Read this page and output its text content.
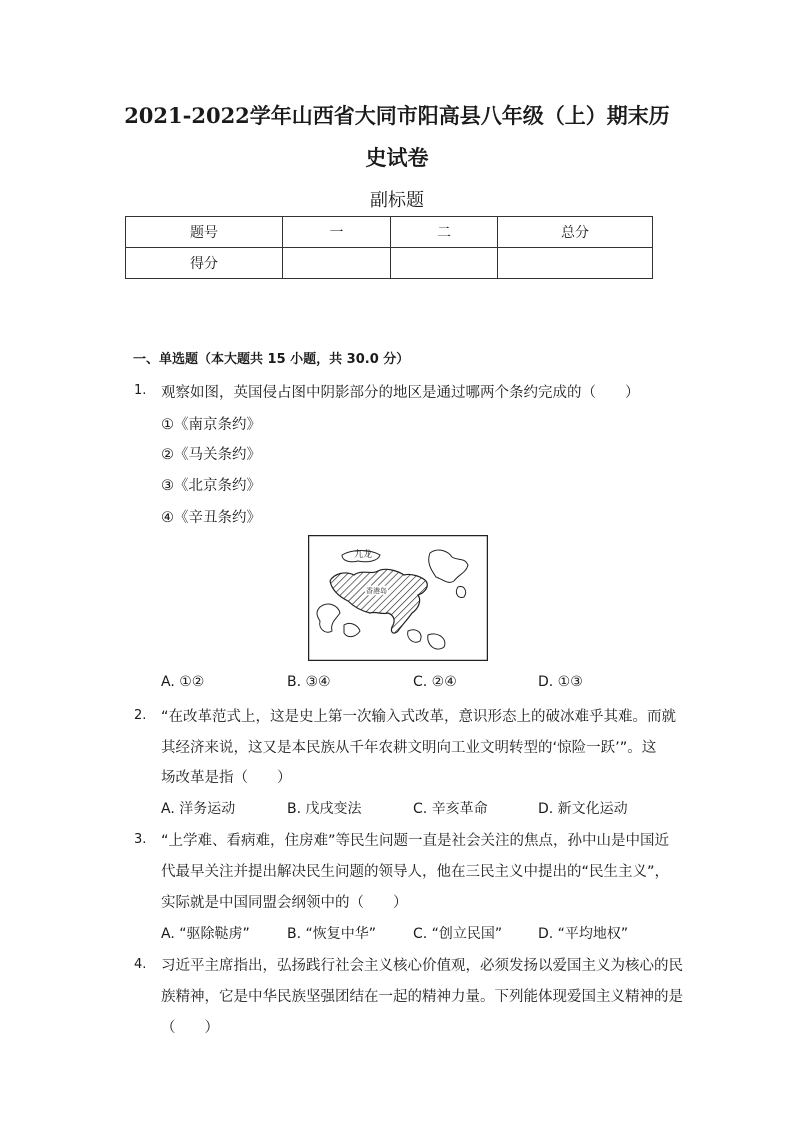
2021-2022学年山西省大同市阳高县八年级（上）期末历
史试卷
副标题
题号	一	二	总分
得分			
一、单选题（本大题共 15 小题，共 30.0 分）
1. 观察如图，英国侵占图中阴影部分的地区是通过哪两个条约完成的（　　）
①《南京条约》
②《马关条约》
③《北京条约》
④《辛丑条约》
九龙
香港岛
A. ①②	B. ③④	C. ②④	D. ①③
2. “在改革范式上，这是史上第一次输入式改革，意识形态上的破冰难乎其难。而就
其经济来说，这又是本民族从千年农耕文明向工业文明转型的‘惊险一跃’”。这
场改革是指（　　）
A. 洋务运动	B. 戊戌变法	C. 辛亥革命	D. 新文化运动
3. “上学难、看病难，住房难”等民生问题一直是社会关注的焦点，孙中山是中国近
代最早关注并提出解决民生问题的领导人，他在三民主义中提出的“民生主义”，
实际就是中国同盟会纲领中的（　　）
A. “驱除鞑虏”	B. “恢复中华”	C. “创立民国”	D. “平均地权”
4. 习近平主席指出，弘扬践行社会主义核心价值观，必须发扬以爱国主义为核心的民
族精神，它是中华民族坚强团结在一起的精神力量。下列能体现爱国主义精神的是
（　　）
